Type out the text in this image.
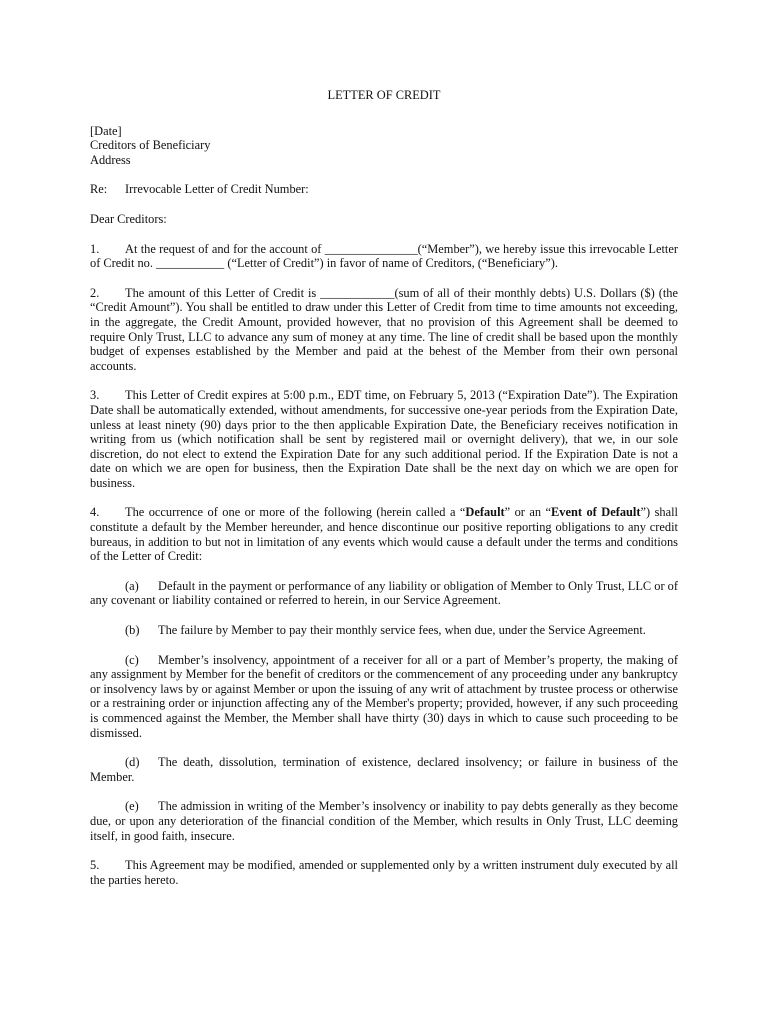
LETTER OF CREDIT
[Date]
Creditors of Beneficiary
Address
Re: Irrevocable Letter of Credit Number:
Dear Creditors:
1. At the request of and for the account of _______________(“Member”), we hereby issue this irrevocable Letter of Credit no. ___________ (“Letter of Credit”) in favor of name of Creditors, (“Beneficiary”).
2. The amount of this Letter of Credit is ____________(sum of all of their monthly debts) U.S. Dollars ($) (the “Credit Amount”). You shall be entitled to draw under this Letter of Credit from time to time amounts not exceeding, in the aggregate, the Credit Amount, provided however, that no provision of this Agreement shall be deemed to require Only Trust, LLC to advance any sum of money at any time. The line of credit shall be based upon the monthly budget of expenses established by the Member and paid at the behest of the Member from their own personal accounts.
3. This Letter of Credit expires at 5:00 p.m., EDT time, on February 5, 2013 (“Expiration Date”). The Expiration Date shall be automatically extended, without amendments, for successive one-year periods from the Expiration Date, unless at least ninety (90) days prior to the then applicable Expiration Date, the Beneficiary receives notification in writing from us (which notification shall be sent by registered mail or overnight delivery), that we, in our sole discretion, do not elect to extend the Expiration Date for any such additional period. If the Expiration Date is not a date on which we are open for business, then the Expiration Date shall be the next day on which we are open for business.
4. The occurrence of one or more of the following (herein called a “Default” or an “Event of Default”) shall constitute a default by the Member hereunder, and hence discontinue our positive reporting obligations to any credit bureaus, in addition to but not in limitation of any events which would cause a default under the terms and conditions of the Letter of Credit:
(a) Default in the payment or performance of any liability or obligation of Member to Only Trust, LLC or of any covenant or liability contained or referred to herein, in our Service Agreement.
(b) The failure by Member to pay their monthly service fees, when due, under the Service Agreement.
(c) Member’s insolvency, appointment of a receiver for all or a part of Member’s property, the making of any assignment by Member for the benefit of creditors or the commencement of any proceeding under any bankruptcy or insolvency laws by or against Member or upon the issuing of any writ of attachment by trustee process or otherwise or a restraining order or injunction affecting any of the Member's property; provided, however, if any such proceeding is commenced against the Member, the Member shall have thirty (30) days in which to cause such proceeding to be dismissed.
(d) The death, dissolution, termination of existence, declared insolvency; or failure in business of the Member.
(e) The admission in writing of the Member’s insolvency or inability to pay debts generally as they become due, or upon any deterioration of the financial condition of the Member, which results in Only Trust, LLC deeming itself, in good faith, insecure.
5. This Agreement may be modified, amended or supplemented only by a written instrument duly executed by all the parties hereto.
